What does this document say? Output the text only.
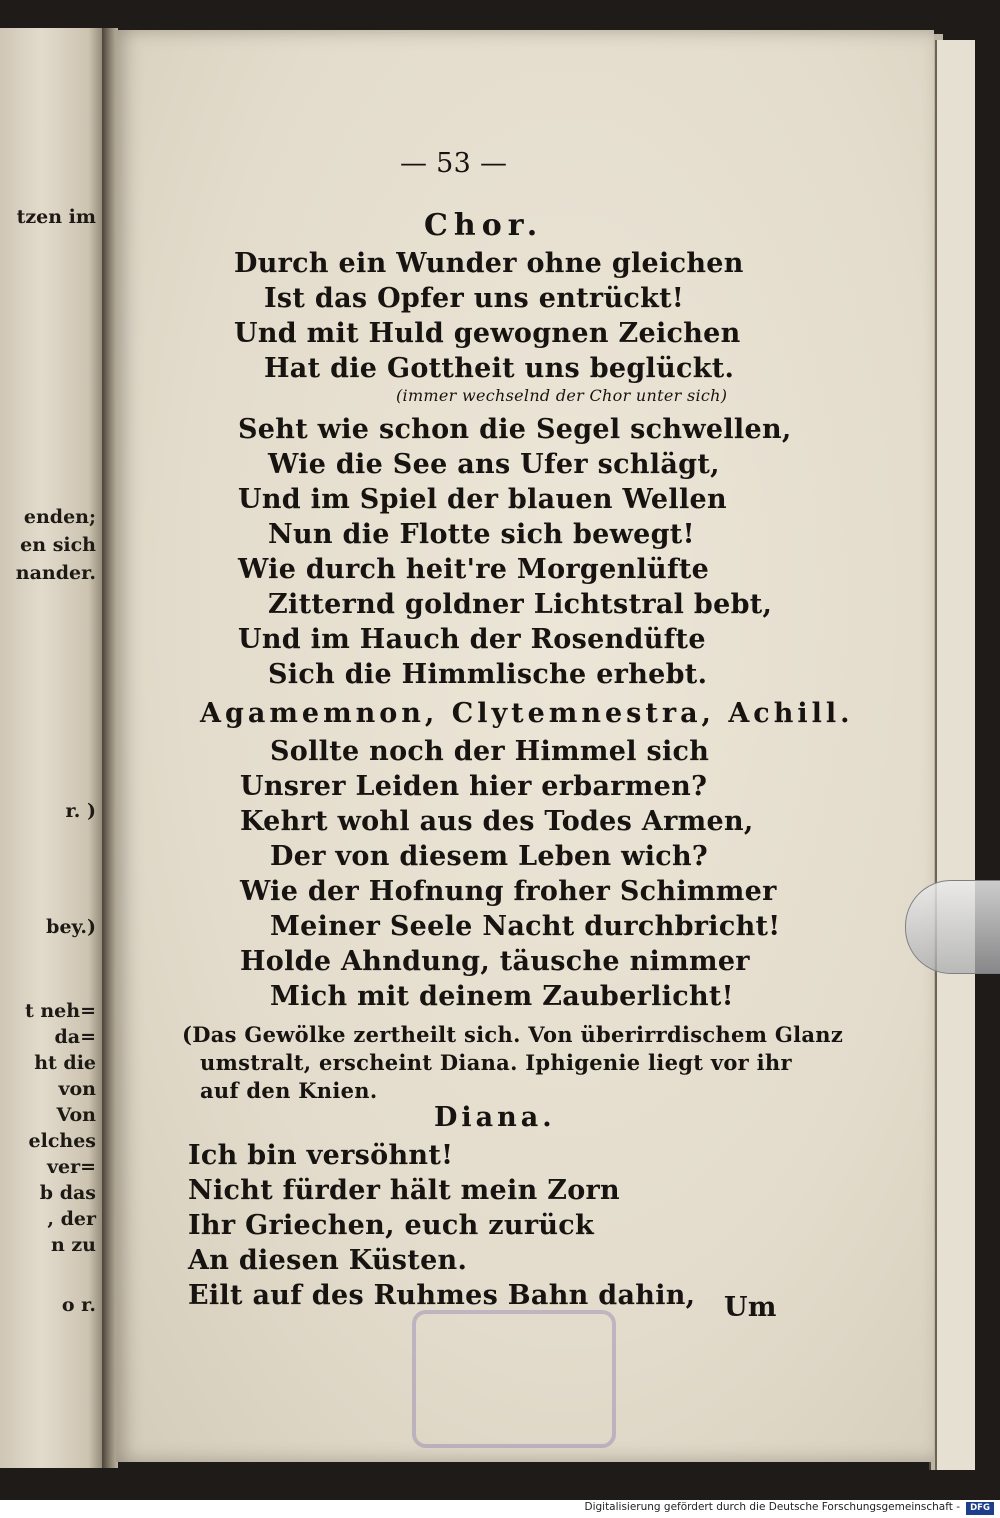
tzen im
enden;
en sich
nander.
r. )
bey.)
t neh=
da=
ht die
von
Von
elches
ver=
b das
, der
n zu
o r.
— 53 —
Chor.
Durch ein Wunder ohne gleichen
Ist das Opfer uns entrückt!
Und mit Huld gewognen Zeichen
Hat die Gottheit uns beglückt.
(immer wechselnd der Chor unter sich)
Seht wie schon die Segel schwellen,
Wie die See ans Ufer schlägt,
Und im Spiel der blauen Wellen
Nun die Flotte sich bewegt!
Wie durch heit're Morgenlüfte
Zitternd goldner Lichtstral bebt,
Und im Hauch der Rosendüfte
Sich die Himmlische erhebt.
Agamemnon, Clytemnestra, Achill.
Sollte noch der Himmel sich
Unsrer Leiden hier erbarmen?
Kehrt wohl aus des Todes Armen,
Der von diesem Leben wich?
Wie der Hofnung froher Schimmer
Meiner Seele Nacht durchbricht!
Holde Ahndung, täusche nimmer
Mich mit deinem Zauberlicht!
(Das Gewölke zertheilt sich. Von überirrdischem Glanz
umstralt, erscheint Diana. Iphigenie liegt vor ihr
auf den Knien.
Diana.
Ich bin versöhnt!
Nicht fürder hält mein Zorn
Ihr Griechen, euch zurück
An diesen Küsten.
Eilt auf des Ruhmes Bahn dahin, Um
Digitalisierung gefördert durch die Deutsche Forschungsgemeinschaft -	DFG
